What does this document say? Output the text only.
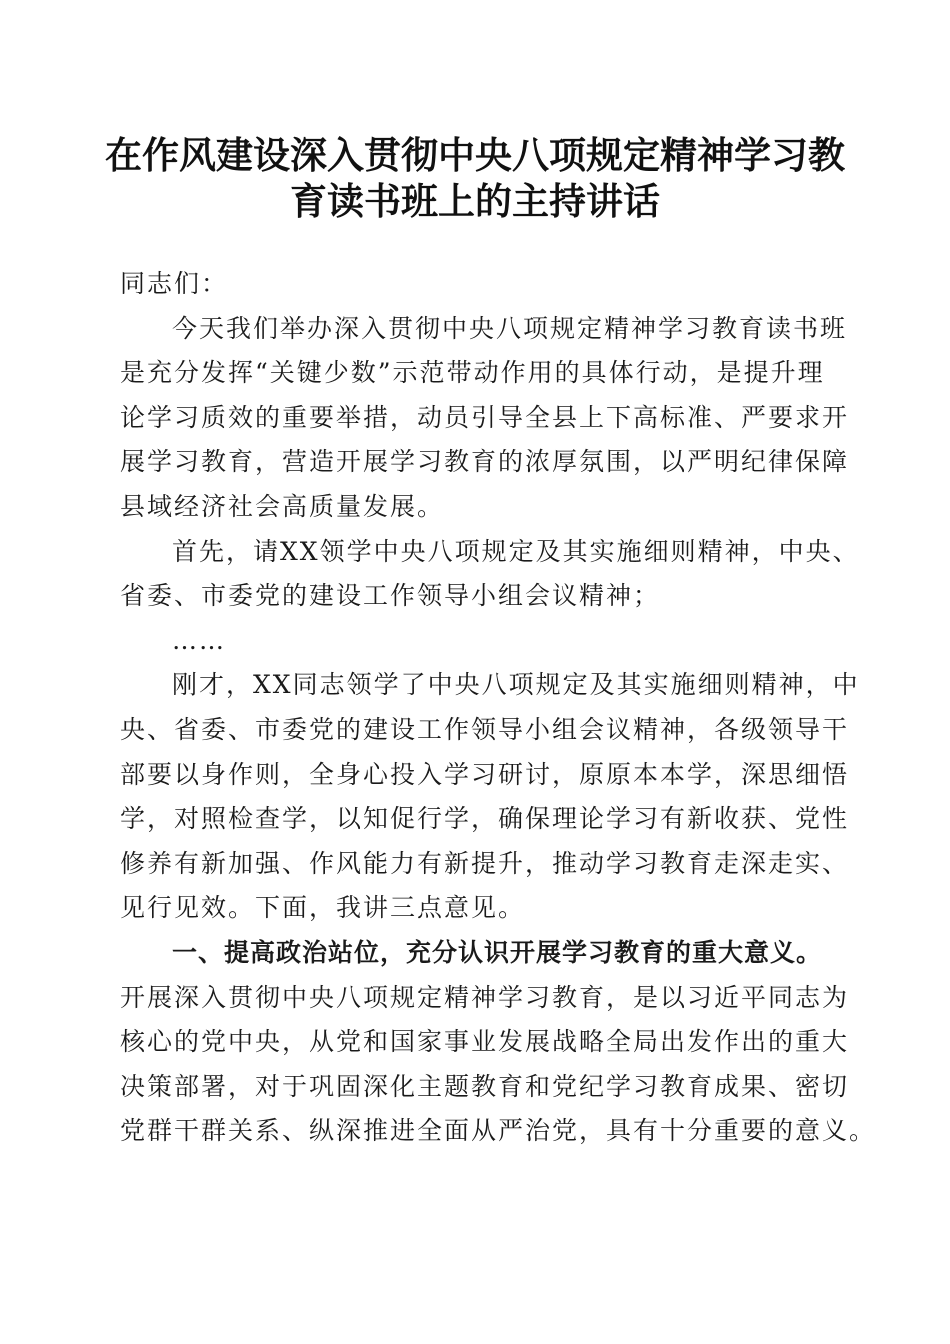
在作风建设深入贯彻中央八项规定精神学习教
育读书班上的主持讲话

同志们：

今天我们举办深入贯彻中央八项规定精神学习教育读书班
是充分发挥“关键少数”示范带动作用的具体行动，是提升理
论学习质效的重要举措，动员引导全县上下高标准、严要求开
展学习教育，营造开展学习教育的浓厚氛围，以严明纪律保障
县域经济社会高质量发展。

首先，请XX领学中央八项规定及其实施细则精神，中央、
省委、市委党的建设工作领导小组会议精神；

……

刚才，XX同志领学了中央八项规定及其实施细则精神，中
央、省委、市委党的建设工作领导小组会议精神，各级领导干
部要以身作则，全身心投入学习研讨，原原本本学，深思细悟
学，对照检查学，以知促行学，确保理论学习有新收获、党性
修养有新加强、作风能力有新提升，推动学习教育走深走实、
见行见效。下面，我讲三点意见。

一、提高政治站位，充分认识开展学习教育的重大意义。

开展深入贯彻中央八项规定精神学习教育，是以习近平同志为
核心的党中央，从党和国家事业发展战略全局出发作出的重大
决策部署，对于巩固深化主题教育和党纪学习教育成果、密切
党群干群关系、纵深推进全面从严治党，具有十分重要的意义。
